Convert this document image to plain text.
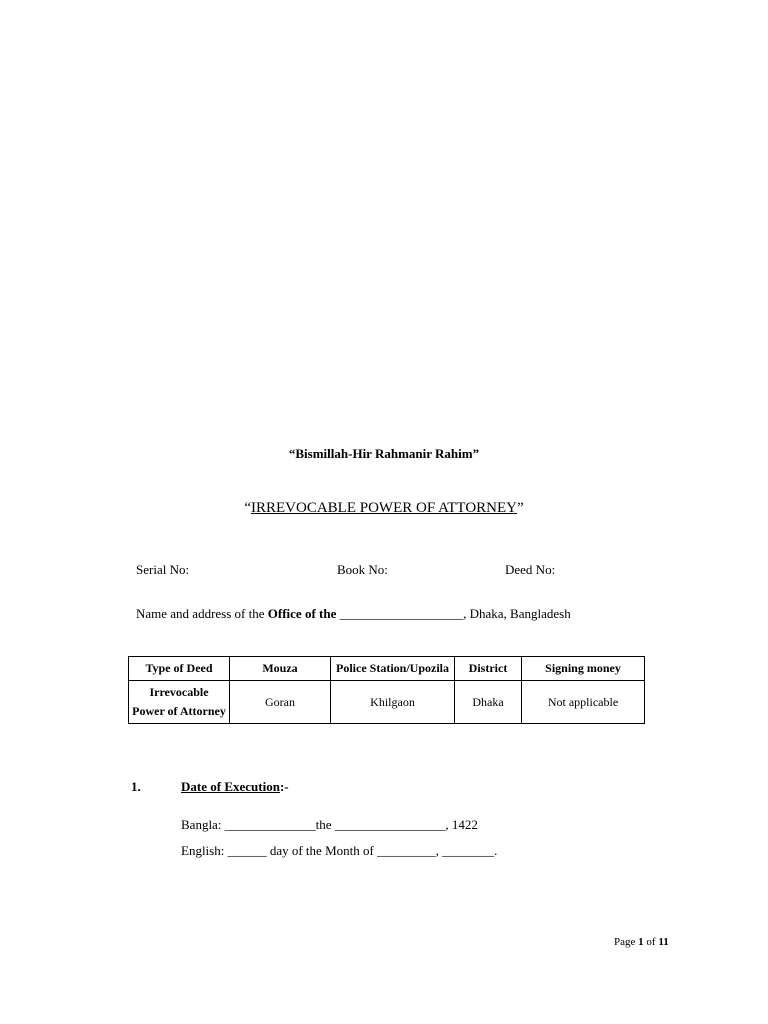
“Bismillah-Hir Rahmanir Rahim”
“IRREVOCABLE POWER OF ATTORNEY”
Serial No:	Book No:	Deed No:
Name and address of the Office of the ___________________, Dhaka, Bangladesh
Type of Deed	Mouza	Police Station/Upozila	District	Signing money
Irrevocable Power of Attorney	Goran	Khilgaon	Dhaka	Not applicable
1.	Date of Execution:-
Bangla: ______________the _________________, 1422
English: ______ day of the Month of _________, ________.
Page 1 of 11
